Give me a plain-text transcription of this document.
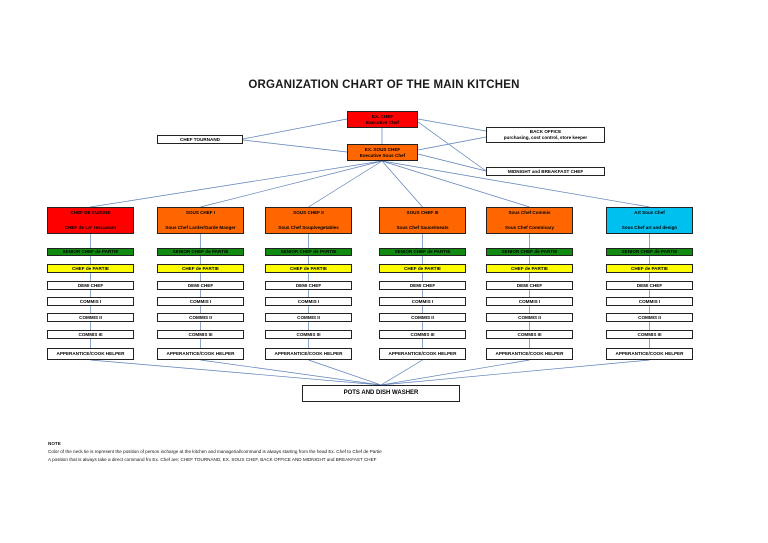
ORGANIZATION CHART OF THE MAIN KITCHEN
EX. CHEF
Executive Chef
CHEF TOURNAND
BACK OFFICE
purchasing, cost control, store keeper
EX. SOUS CHEF
Executive Sous Chef
MIDNIGHT and BREAKFAST CHEF
CHEF DE CUISINE
CHEF de LA' restaurant
SENIOR CHEF de PARTIE
CHEF de PARTIE
DEMI CHEF
COMMIS I
COMMIS II
COMMIS III
APPERANTICE/COOK HELPER
SOUS CHEF I
Sous Chef Larder/Garde Manger
SENIOR CHEF de PARTIE
CHEF de PARTIE
DEMI CHEF
COMMIS I
COMMIS II
COMMIS III
APPERANTICE/COOK HELPER
SOUS CHEF II
Sous Chef Soup/vegetables
SENIOR CHEF de PARTIE
CHEF de PARTIE
DEMI CHEF
COMMIS I
COMMIS II
COMMIS III
APPERANTICE/COOK HELPER
SOUS CHEF III
Sous Chef Sauce/meats
SENIOR CHEF de PARTIE
CHEF de PARTIE
DEMI CHEF
COMMIS I
COMMIS II
COMMIS III
APPERANTICE/COOK HELPER
Sous Chef Commis
Sous Chef Commisary
SENIOR CHEF de PARTIE
CHEF de PARTIE
DEMI CHEF
COMMIS I
COMMIS II
COMMIS III
APPERANTICE/COOK HELPER
Art Sous Chef
Sous Chef art and design
SENIOR CHEF de PARTIE
CHEF de PARTIE
DEMI CHEF
COMMIS I
COMMIS II
COMMIS III
APPERANTICE/COOK HELPER
POTS AND DISH WASHER
NOTE
Color of the neck tie is represent the position of person incharge at the kitchen and managerial/command is always starting from the head Ex. Chef to Chef de Partie
A position that is always take a direct command fro Ex. Chef are; CHEF TOURNAND, EX. SOUS CHEF, BACK OFFICE AND MIDNIGHT and BREAKFAST CHEF
